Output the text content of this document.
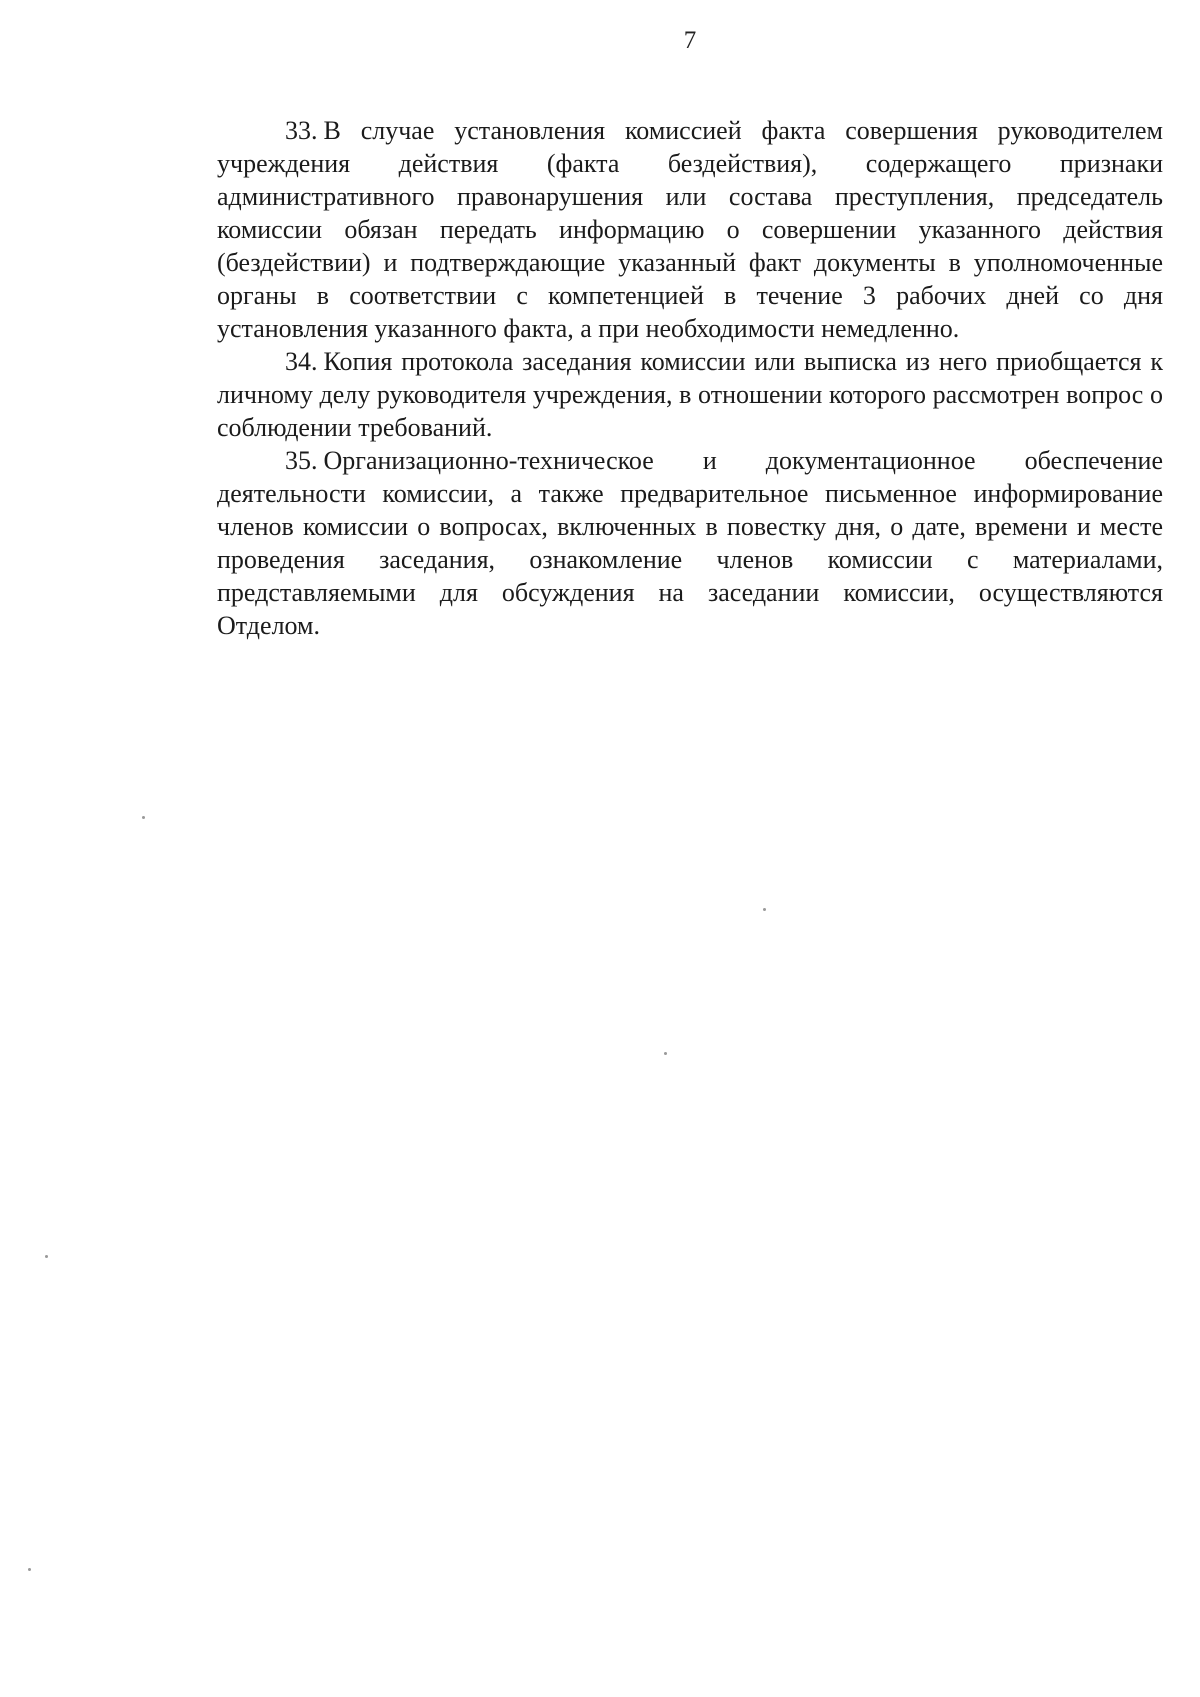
7

33. В случае установления комиссией факта совершения руководителем учреждения действия (факта бездействия), содержащего признаки административного правонарушения или состава преступления, председатель комиссии обязан передать информацию о совершении указанного действия (бездействии) и подтверждающие указанный факт документы в уполномоченные органы в соответствии с компетенцией в течение 3 рабочих дней со дня установления указанного факта, а при необходимости немедленно.

34. Копия протокола заседания комиссии или выписка из него приобщается к личному делу руководителя учреждения, в отношении которого рассмотрен вопрос о соблюдении требований.

35. Организационно-техническое и документационное обеспечение деятельности комиссии, а также предварительное письменное информирование членов комиссии о вопросах, включенных в повестку дня, о дате, времени и месте проведения заседания, ознакомление членов комиссии с материалами, представляемыми для обсуждения на заседании комиссии, осуществляются Отделом.
